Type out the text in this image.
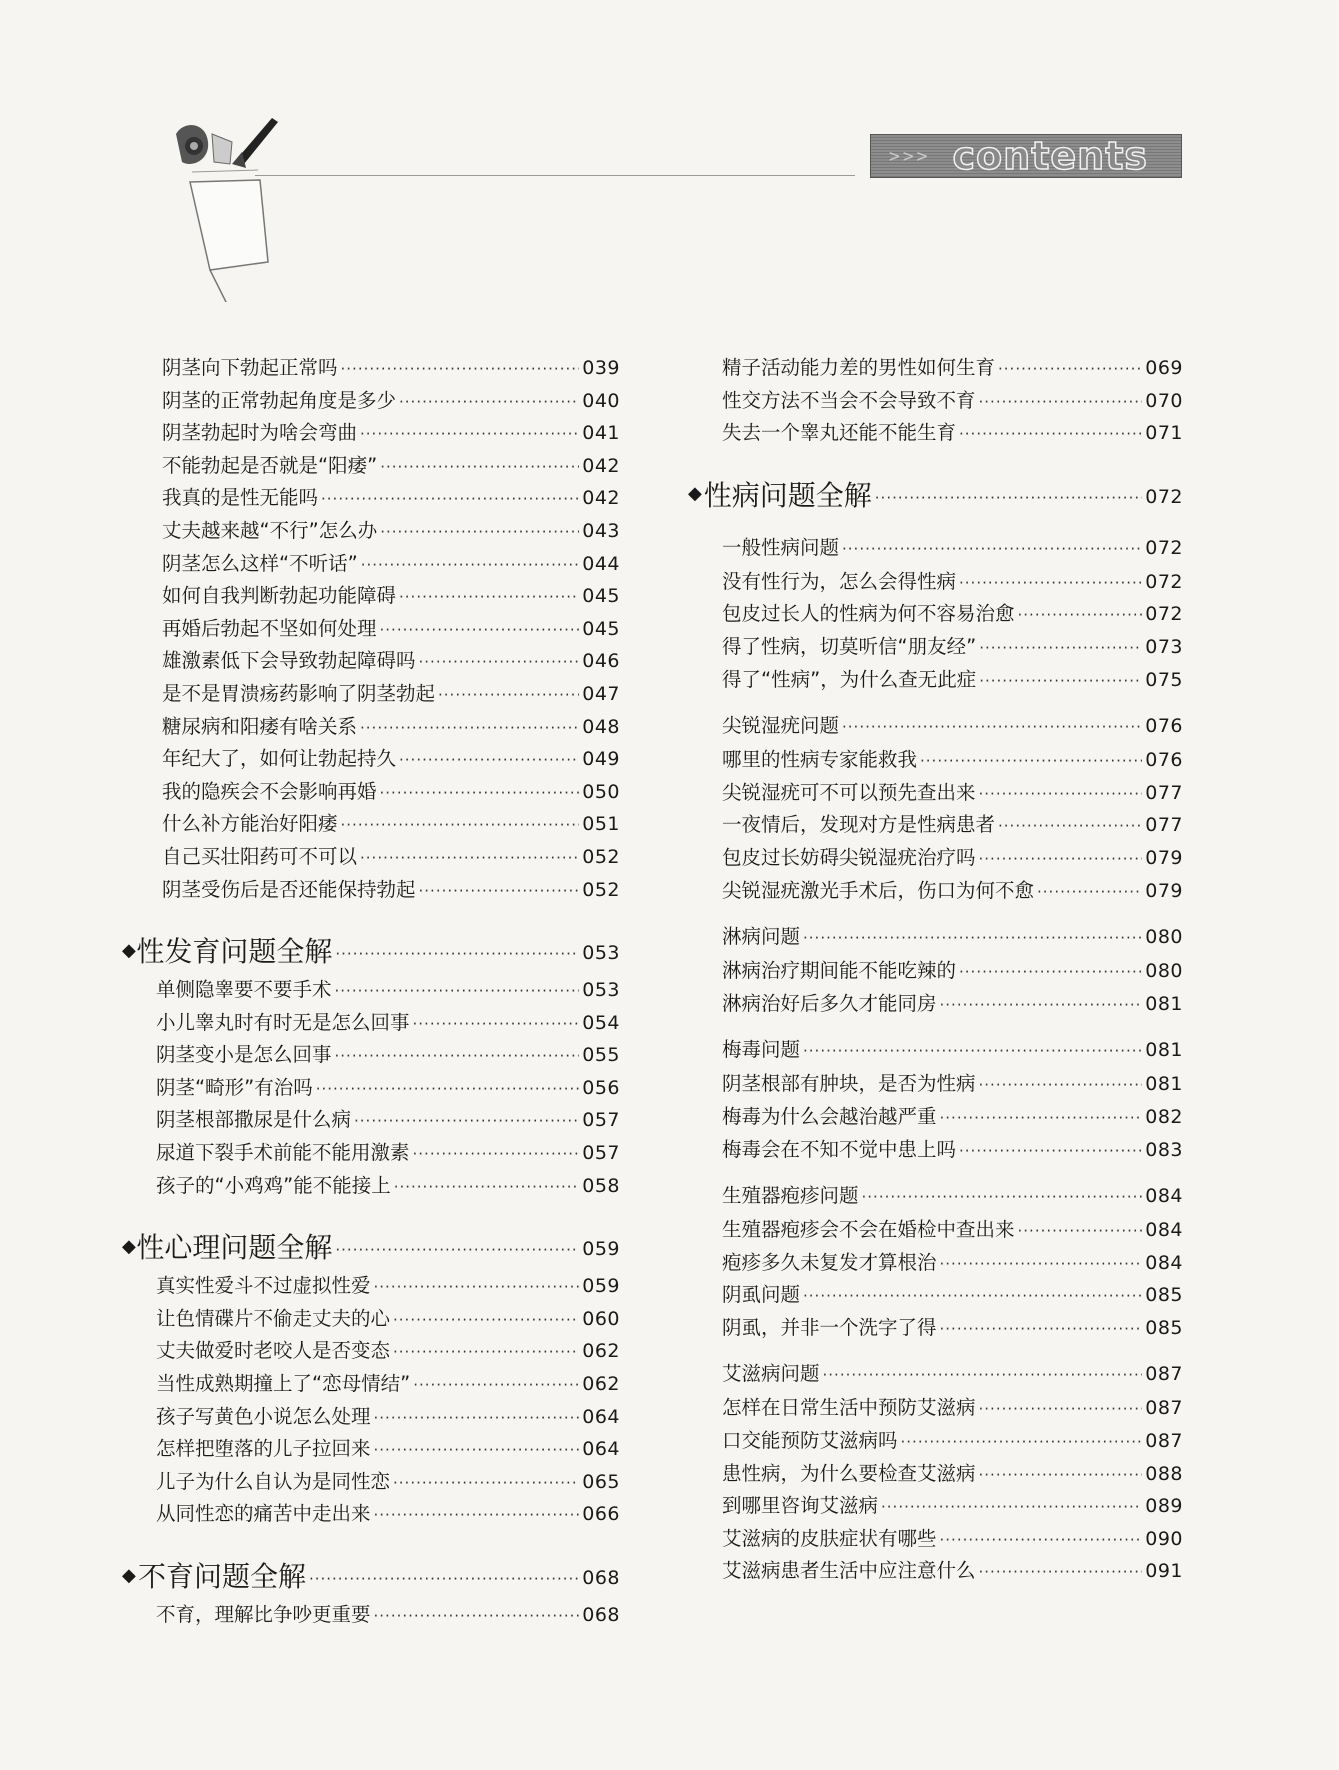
>>> contents
阴茎向下勃起正常吗 ·····	039
阴茎的正常勃起角度是多少 ·····	040
阴茎勃起时为啥会弯曲 ·····	041
不能勃起是否就是“阳痿” ·····	042
我真的是性无能吗 ·····	042
丈夫越来越“不行”怎么办 ·····	043
阴茎怎么这样“不听话” ·····	044
如何自我判断勃起功能障碍 ·····	045
再婚后勃起不坚如何处理 ·····	045
雄激素低下会导致勃起障碍吗 ·····	046
是不是胃溃疡药影响了阴茎勃起 ·····	047
糖尿病和阳痿有啥关系 ·····	048
年纪大了，如何让勃起持久 ·····	049
我的隐疾会不会影响再婚 ·····	050
什么补方能治好阳痿 ·····	051
自己买壮阳药可不可以 ·····	052
阴茎受伤后是否还能保持勃起 ·····	052
◆ 性发育问题全解 ·····	053
单侧隐睾要不要手术 ·····	053
小儿睾丸时有时无是怎么回事 ·····	054
阴茎变小是怎么回事 ·····	055
阴茎“畸形”有治吗 ·····	056
阴茎根部撒尿是什么病 ·····	057
尿道下裂手术前能不能用激素 ·····	057
孩子的“小鸡鸡”能不能接上 ·····	058
◆ 性心理问题全解 ·····	059
真实性爱斗不过虚拟性爱 ·····	059
让色情碟片不偷走丈夫的心 ·····	060
丈夫做爱时老咬人是否变态 ·····	062
当性成熟期撞上了“恋母情结” ·····	062
孩子写黄色小说怎么处理 ·····	064
怎样把堕落的儿子拉回来 ·····	064
儿子为什么自认为是同性恋 ·····	065
从同性恋的痛苦中走出来 ·····	066
◆ 不育问题全解 ·····	068
不育，理解比争吵更重要 ·····	068
精子活动能力差的男性如何生育 ·····	069
性交方法不当会不会导致不育 ·····	070
失去一个睾丸还能不能生育 ·····	071
◆ 性病问题全解 ·····	072
一般性病问题 ·····	072
没有性行为，怎么会得性病 ·····	072
包皮过长人的性病为何不容易治愈 ·····	072
得了性病，切莫听信“朋友经” ·····	073
得了“性病”，为什么查无此症 ·····	075
尖锐湿疣问题 ·····	076
哪里的性病专家能救我 ·····	076
尖锐湿疣可不可以预先查出来 ·····	077
一夜情后，发现对方是性病患者 ·····	077
包皮过长妨碍尖锐湿疣治疗吗 ·····	079
尖锐湿疣激光手术后，伤口为何不愈 ·····	079
淋病问题 ·····	080
淋病治疗期间能不能吃辣的 ·····	080
淋病治好后多久才能同房 ·····	081
梅毒问题 ·····	081
阴茎根部有肿块，是否为性病 ·····	081
梅毒为什么会越治越严重 ·····	082
梅毒会在不知不觉中患上吗 ·····	083
生殖器疱疹问题 ·····	084
生殖器疱疹会不会在婚检中查出来 ·····	084
疱疹多久未复发才算根治 ·····	084
阴虱问题 ·····	085
阴虱，并非一个洗字了得 ·····	085
艾滋病问题 ·····	087
怎样在日常生活中预防艾滋病 ·····	087
口交能预防艾滋病吗 ·····	087
患性病，为什么要检查艾滋病 ·····	088
到哪里咨询艾滋病 ·····	089
艾滋病的皮肤症状有哪些 ·····	090
艾滋病患者生活中应注意什么 ·····	091
